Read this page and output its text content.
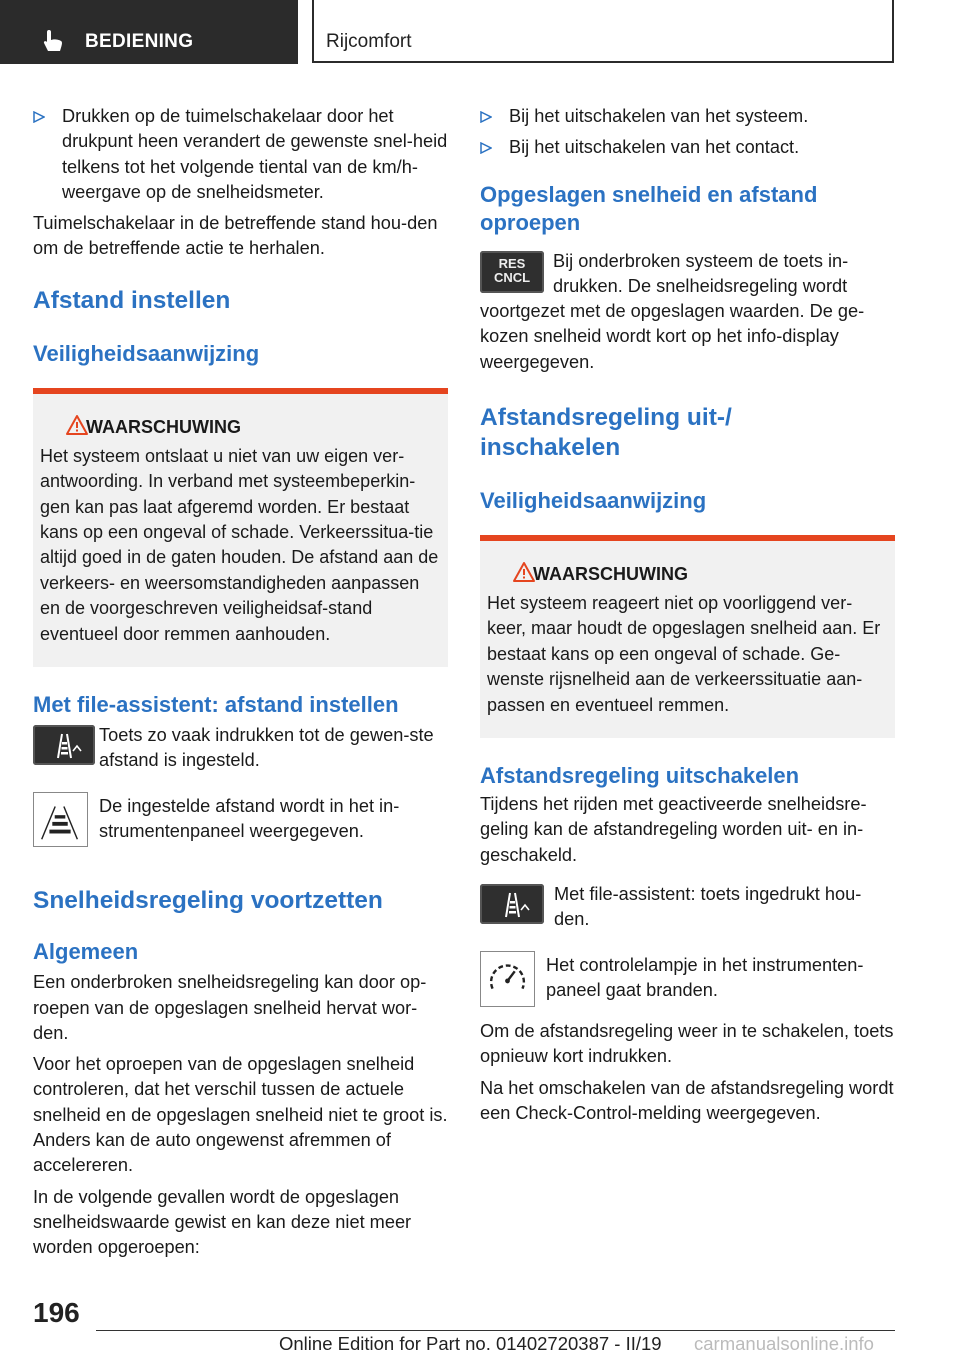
BEDIENING	Rijcomfort

Drukken op de tuimelschakelaar door het drukpunt heen verandert de gewenste snel-heid telkens tot het volgende tiental van de km/h-weergave op de snelheidsmeter.

Tuimelschakelaar in de betreffende stand hou-den om de betreffende actie te herhalen.

Afstand instellen
Veiligheidsaanwijzing
WAARSCHUWING

Het systeem ontslaat u niet van uw eigen ver-antwoording. In verband met systeembeperkin-gen kan pas laat afgeremd worden. Er bestaat kans op een ongeval of schade. Verkeerssitua-tie altijd goed in de gaten houden. De afstand aan de verkeers- en weersomstandigheden aanpassen en de voorgeschreven veiligheidsaf-stand eventueel door remmen aanhouden.

Met file-assistent: afstand instellen

Toets zo vaak indrukken tot de gewen-ste afstand is ingesteld.

De ingestelde afstand wordt in het in-strumentenpaneel weergegeven.

Snelheidsregeling voortzetten
Algemeen

Een onderbroken snelheidsregeling kan door op-roepen van de opgeslagen snelheid hervat wor-den.

Voor het oproepen van de opgeslagen snelheid controleren, dat het verschil tussen de actuele snelheid en de opgeslagen snelheid niet te groot is. Anders kan de auto ongewenst afremmen of accelereren.

In de volgende gevallen wordt de opgeslagen snelheidswaarde gewist en kan deze niet meer worden opgeroepen:

Bij het uitschakelen van het systeem.

Bij het uitschakelen van het contact.

Opgeslagen snelheid en afstand oproepen
RES
CNCL

Bij onderbroken systeem de toets in-drukken. De snelheidsregeling wordt voortgezet met de opgeslagen waarden. De ge-kozen snelheid wordt kort op het info-display weergegeven.

Afstandsregeling uit-/ inschakelen
Veiligheidsaanwijzing
WAARSCHUWING

Het systeem reageert niet op voorliggend ver-keer, maar houdt de opgeslagen snelheid aan. Er bestaat kans op een ongeval of schade. Ge-wenste rijsnelheid aan de verkeerssituatie aan-passen en eventueel remmen.

Afstandsregeling uitschakelen

Tijdens het rijden met geactiveerde snelheidsre-geling kan de afstandregeling worden uit- en in-geschakeld.

Met file-assistent: toets ingedrukt hou-den.

Het controlelampje in het instrumenten-paneel gaat branden.

Om de afstandsregeling weer in te schakelen, toets opnieuw kort indrukken.

Na het omschakelen van de afstandsregeling wordt een Check-Control-melding weergegeven.

196
Online Edition for Part no. 01402720387 - II/19 carmanualsonline.info
